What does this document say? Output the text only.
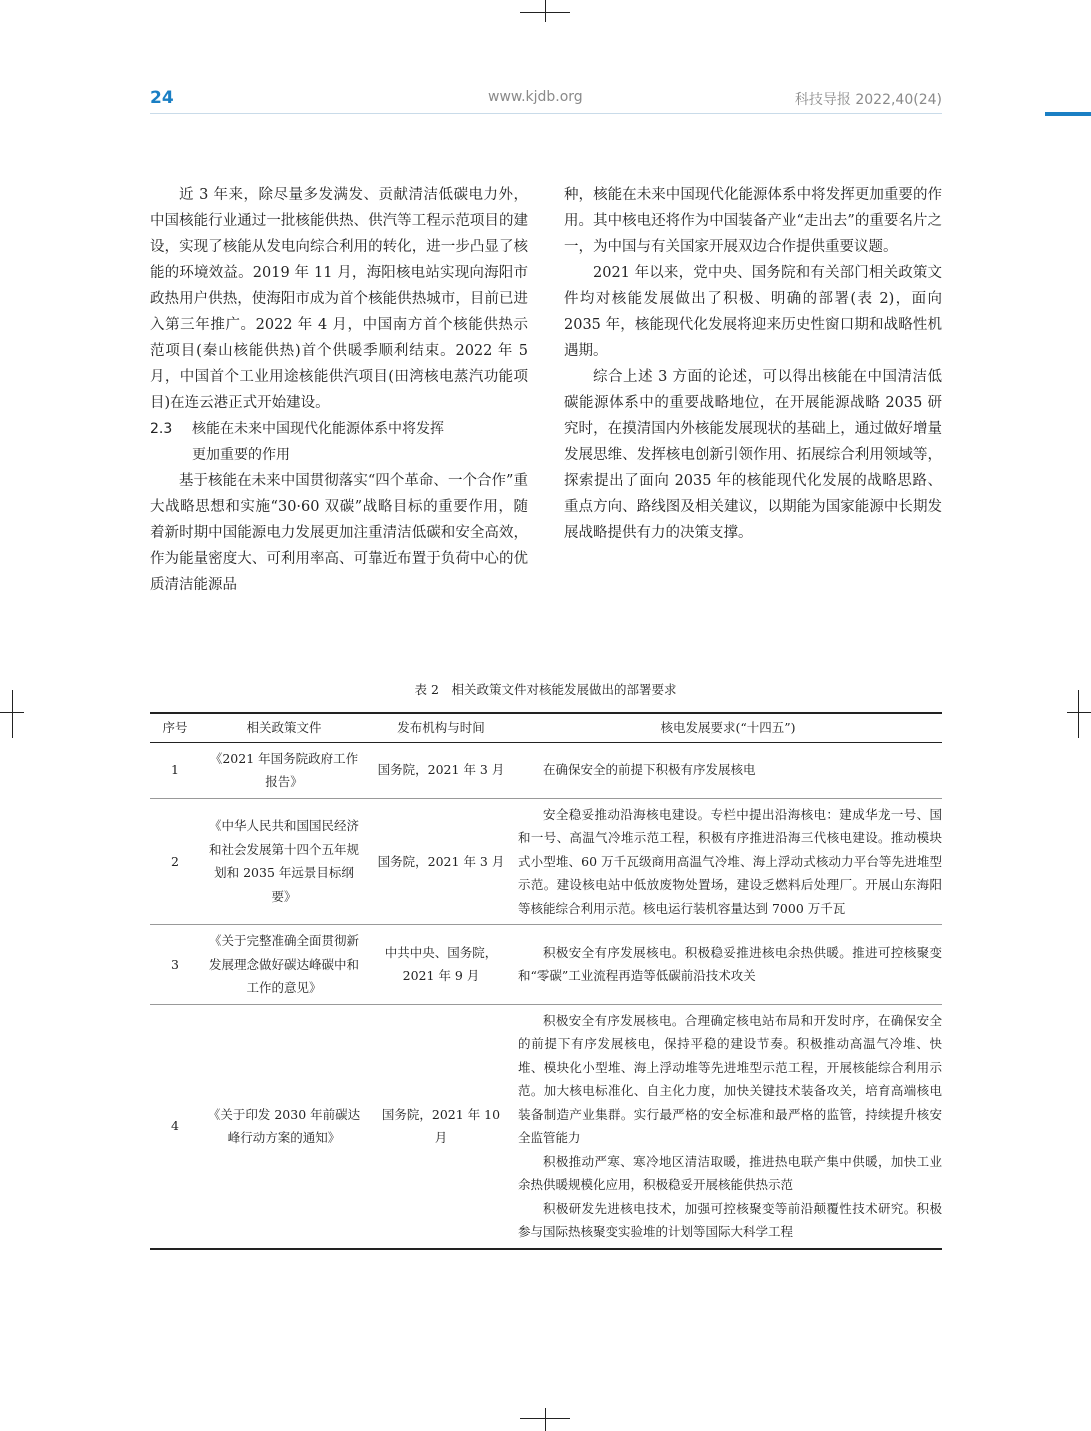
24	www.kjdb.org	科技导报 2022,40(24)

近 3 年来，除尽量多发满发、贡献清洁低碳电力外，中国核能行业通过一批核能供热、供汽等工程示范项目的建设，实现了核能从发电向综合利用的转化，进一步凸显了核能的环境效益。2019 年 11 月，海阳核电站实现向海阳市政热用户供热，使海阳市成为首个核能供热城市，目前已进入第三年推广。2022 年 4 月，中国南方首个核能供热示范项目(秦山核能供热)首个供暖季顺利结束。2022 年 5 月，中国首个工业用途核能供汽项目(田湾核电蒸汽功能项目)在连云港正式开始建设。

2.3 核能在未来中国现代化能源体系中将发挥
更加重要的作用

基于核能在未来中国贯彻落实“四个革命、一个合作”重大战略思想和实施“30·60 双碳”战略目标的重要作用，随着新时期中国能源电力发展更加注重清洁低碳和安全高效，作为能量密度大、可利用率高、可靠近布置于负荷中心的优质清洁能源品

种，核能在未来中国现代化能源体系中将发挥更加重要的作用。其中核电还将作为中国装备产业“走出去”的重要名片之一，为中国与有关国家开展双边合作提供重要议题。

2021 年以来，党中央、国务院和有关部门相关政策文件均对核能发展做出了积极、明确的部署(表 2)，面向 2035 年，核能现代化发展将迎来历史性窗口期和战略性机遇期。

综合上述 3 方面的论述，可以得出核能在中国清洁低碳能源体系中的重要战略地位，在开展能源战略 2035 研究时，在摸清国内外核能发展现状的基础上，通过做好增量发展思维、发挥核电创新引领作用、拓展综合利用领域等，探索提出了面向 2035 年的核能现代化发展的战略思路、重点方向、路线图及相关建议，以期能为国家能源中长期发展战略提供有力的决策支撑。

表 2　相关政策文件对核能发展做出的部署要求
序号	相关政策文件	发布机构与时间	核电发展要求(“十四五”)
1	《2021 年国务院政府工作报告》	国务院，2021 年 3 月	在确保安全的前提下积极有序发展核电

2	《中华人民共和国国民经济和社会发展第十四个五年规划和 2035 年远景目标纲要》	国务院，2021 年 3 月	安全稳妥推动沿海核电建设。专栏中提出沿海核电：建成华龙一号、国和一号、高温气冷堆示范工程，积极有序推进沿海三代核电建设。推动模块式小型堆、60 万千瓦级商用高温气冷堆、海上浮动式核动力平台等先进堆型示范。建设核电站中低放废物处置场，建设乏燃料后处理厂。开展山东海阳等核能综合利用示范。核电运行装机容量达到 7000 万千瓦

3	《关于完整准确全面贯彻新发展理念做好碳达峰碳中和工作的意见》	中共中央、国务院，2021 年 9 月	积极安全有序发展核电。积极稳妥推进核电余热供暖。推进可控核聚变和“零碳”工业流程再造等低碳前沿技术攻关

4	《关于印发 2030 年前碳达峰行动方案的通知》	国务院，2021 年 10 月	积极安全有序发展核电。合理确定核电站布局和开发时序，在确保安全的前提下有序发展核电，保持平稳的建设节奏。积极推动高温气冷堆、快堆、模块化小型堆、海上浮动堆等先进堆型示范工程，开展核能综合利用示范。加大核电标准化、自主化力度，加快关键技术装备攻关，培育高端核电装备制造产业集群。实行最严格的安全标准和最严格的监管，持续提升核安全监管能力

积极推动严寒、寒冷地区清洁取暖，推进热电联产集中供暖，加快工业余热供暖规模化应用，积极稳妥开展核能供热示范

积极研发先进核电技术，加强可控核聚变等前沿颠覆性技术研究。积极参与国际热核聚变实验堆的计划等国际大科学工程
